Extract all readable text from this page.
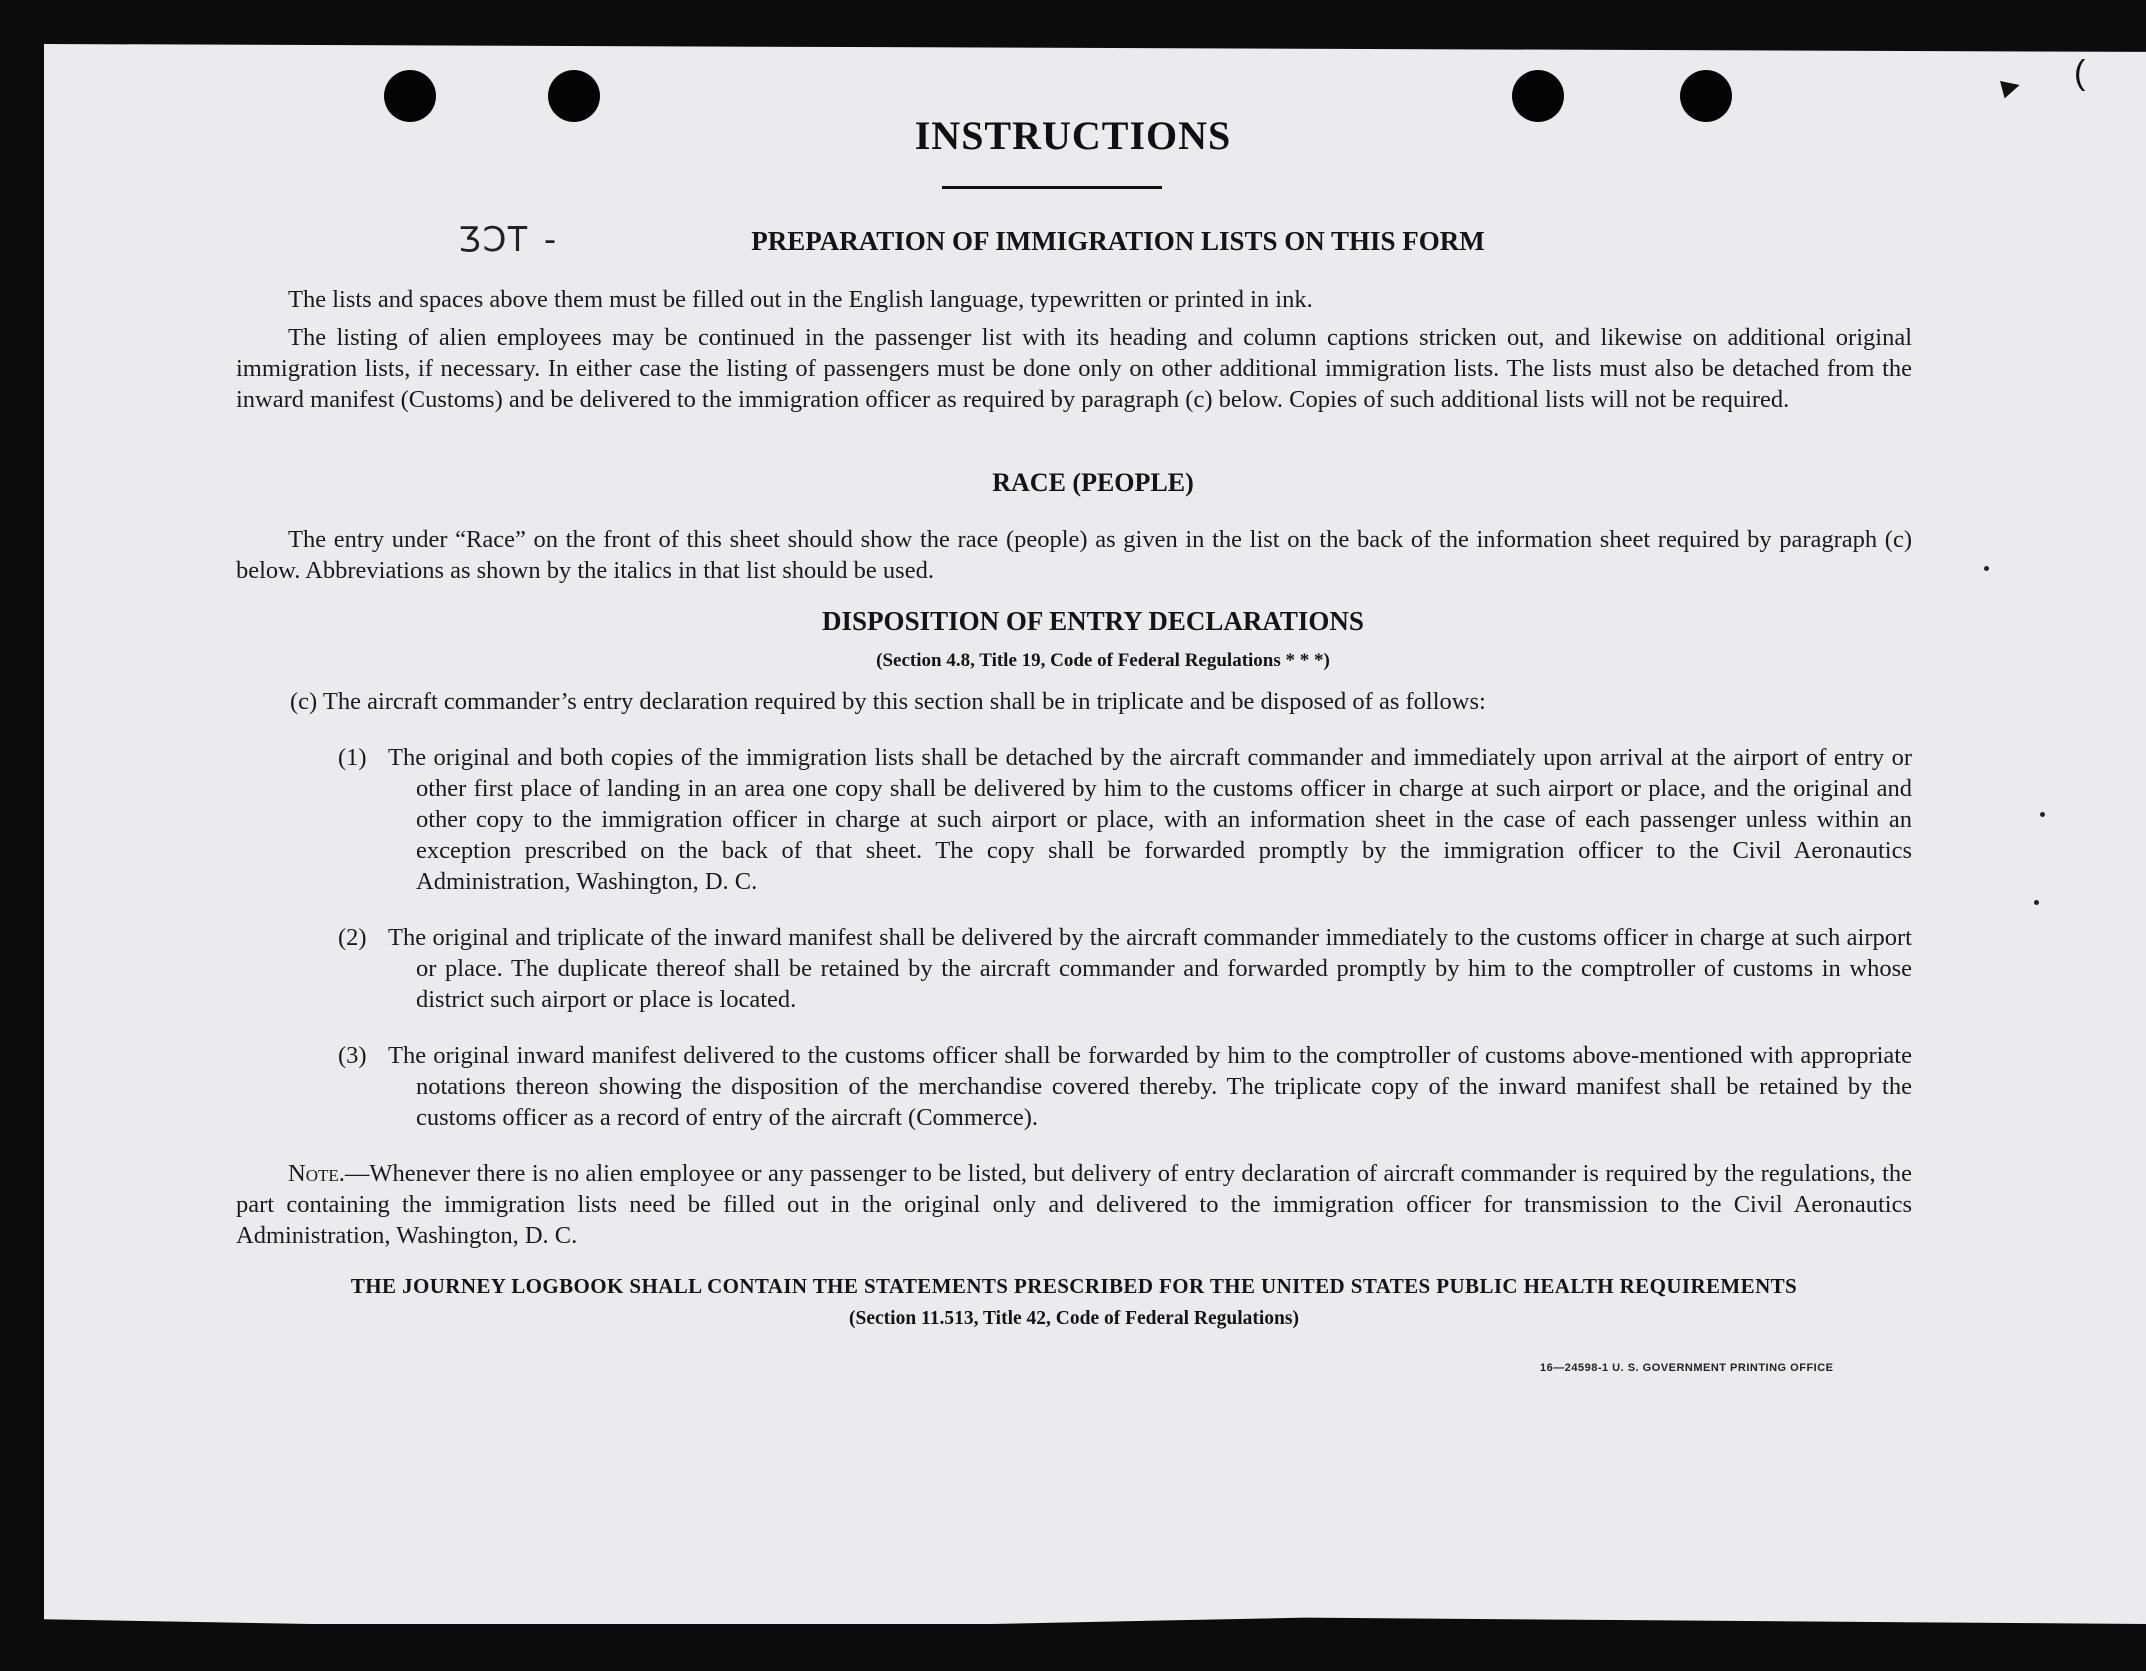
► (
INSTRUCTIONS
ƷↃᎢ -	PREPARATION OF IMMIGRATION LISTS ON THIS FORM
The lists and spaces above them must be filled out in the English language, typewritten or printed in ink.
The listing of alien employees may be continued in the passenger list with its heading and column captions stricken out, and likewise on additional original immigration lists, if necessary. In either case the listing of passengers must be done only on other additional immigration lists. The lists must also be detached from the inward manifest (Customs) and be delivered to the immigration officer as required by paragraph (c) below. Copies of such additional lists will not be required.
RACE (PEOPLE)
The entry under “Race” on the front of this sheet should show the race (people) as given in the list on the back of the information sheet required by paragraph (c) below. Abbreviations as shown by the italics in that list should be used.
DISPOSITION OF ENTRY DECLARATIONS
(Section 4.8, Title 19, Code of Federal Regulations * * *)
(c) The aircraft commander’s entry declaration required by this section shall be in triplicate and be disposed of as follows:
(1) The original and both copies of the immigration lists shall be detached by the aircraft commander and immediately upon arrival at the airport of entry or other first place of landing in an area one copy shall be delivered by him to the customs officer in charge at such airport or place, and the original and other copy to the immigration officer in charge at such airport or place, with an information sheet in the case of each passenger unless within an exception prescribed on the back of that sheet. The copy shall be forwarded promptly by the immigration officer to the Civil Aeronautics Administration, Washington, D. C.
(2) The original and triplicate of the inward manifest shall be delivered by the aircraft commander immediately to the customs officer in charge at such airport or place. The duplicate thereof shall be retained by the aircraft commander and forwarded promptly by him to the comptroller of customs in whose district such airport or place is located.
(3) The original inward manifest delivered to the customs officer shall be forwarded by him to the comptroller of customs above-mentioned with appropriate notations thereon showing the disposition of the merchandise covered thereby. The triplicate copy of the inward manifest shall be retained by the customs officer as a record of entry of the aircraft (Commerce).
Note.—Whenever there is no alien employee or any passenger to be listed, but delivery of entry declaration of aircraft commander is required by the regulations, the part containing the immigration lists need be filled out in the original only and delivered to the immigration officer for transmission to the Civil Aeronautics Administration, Washington, D. C.
THE JOURNEY LOGBOOK SHALL CONTAIN THE STATEMENTS PRESCRIBED FOR THE UNITED STATES PUBLIC HEALTH REQUIREMENTS
(Section 11.513, Title 42, Code of Federal Regulations)
16—24598-1 U. S. GOVERNMENT PRINTING OFFICE
